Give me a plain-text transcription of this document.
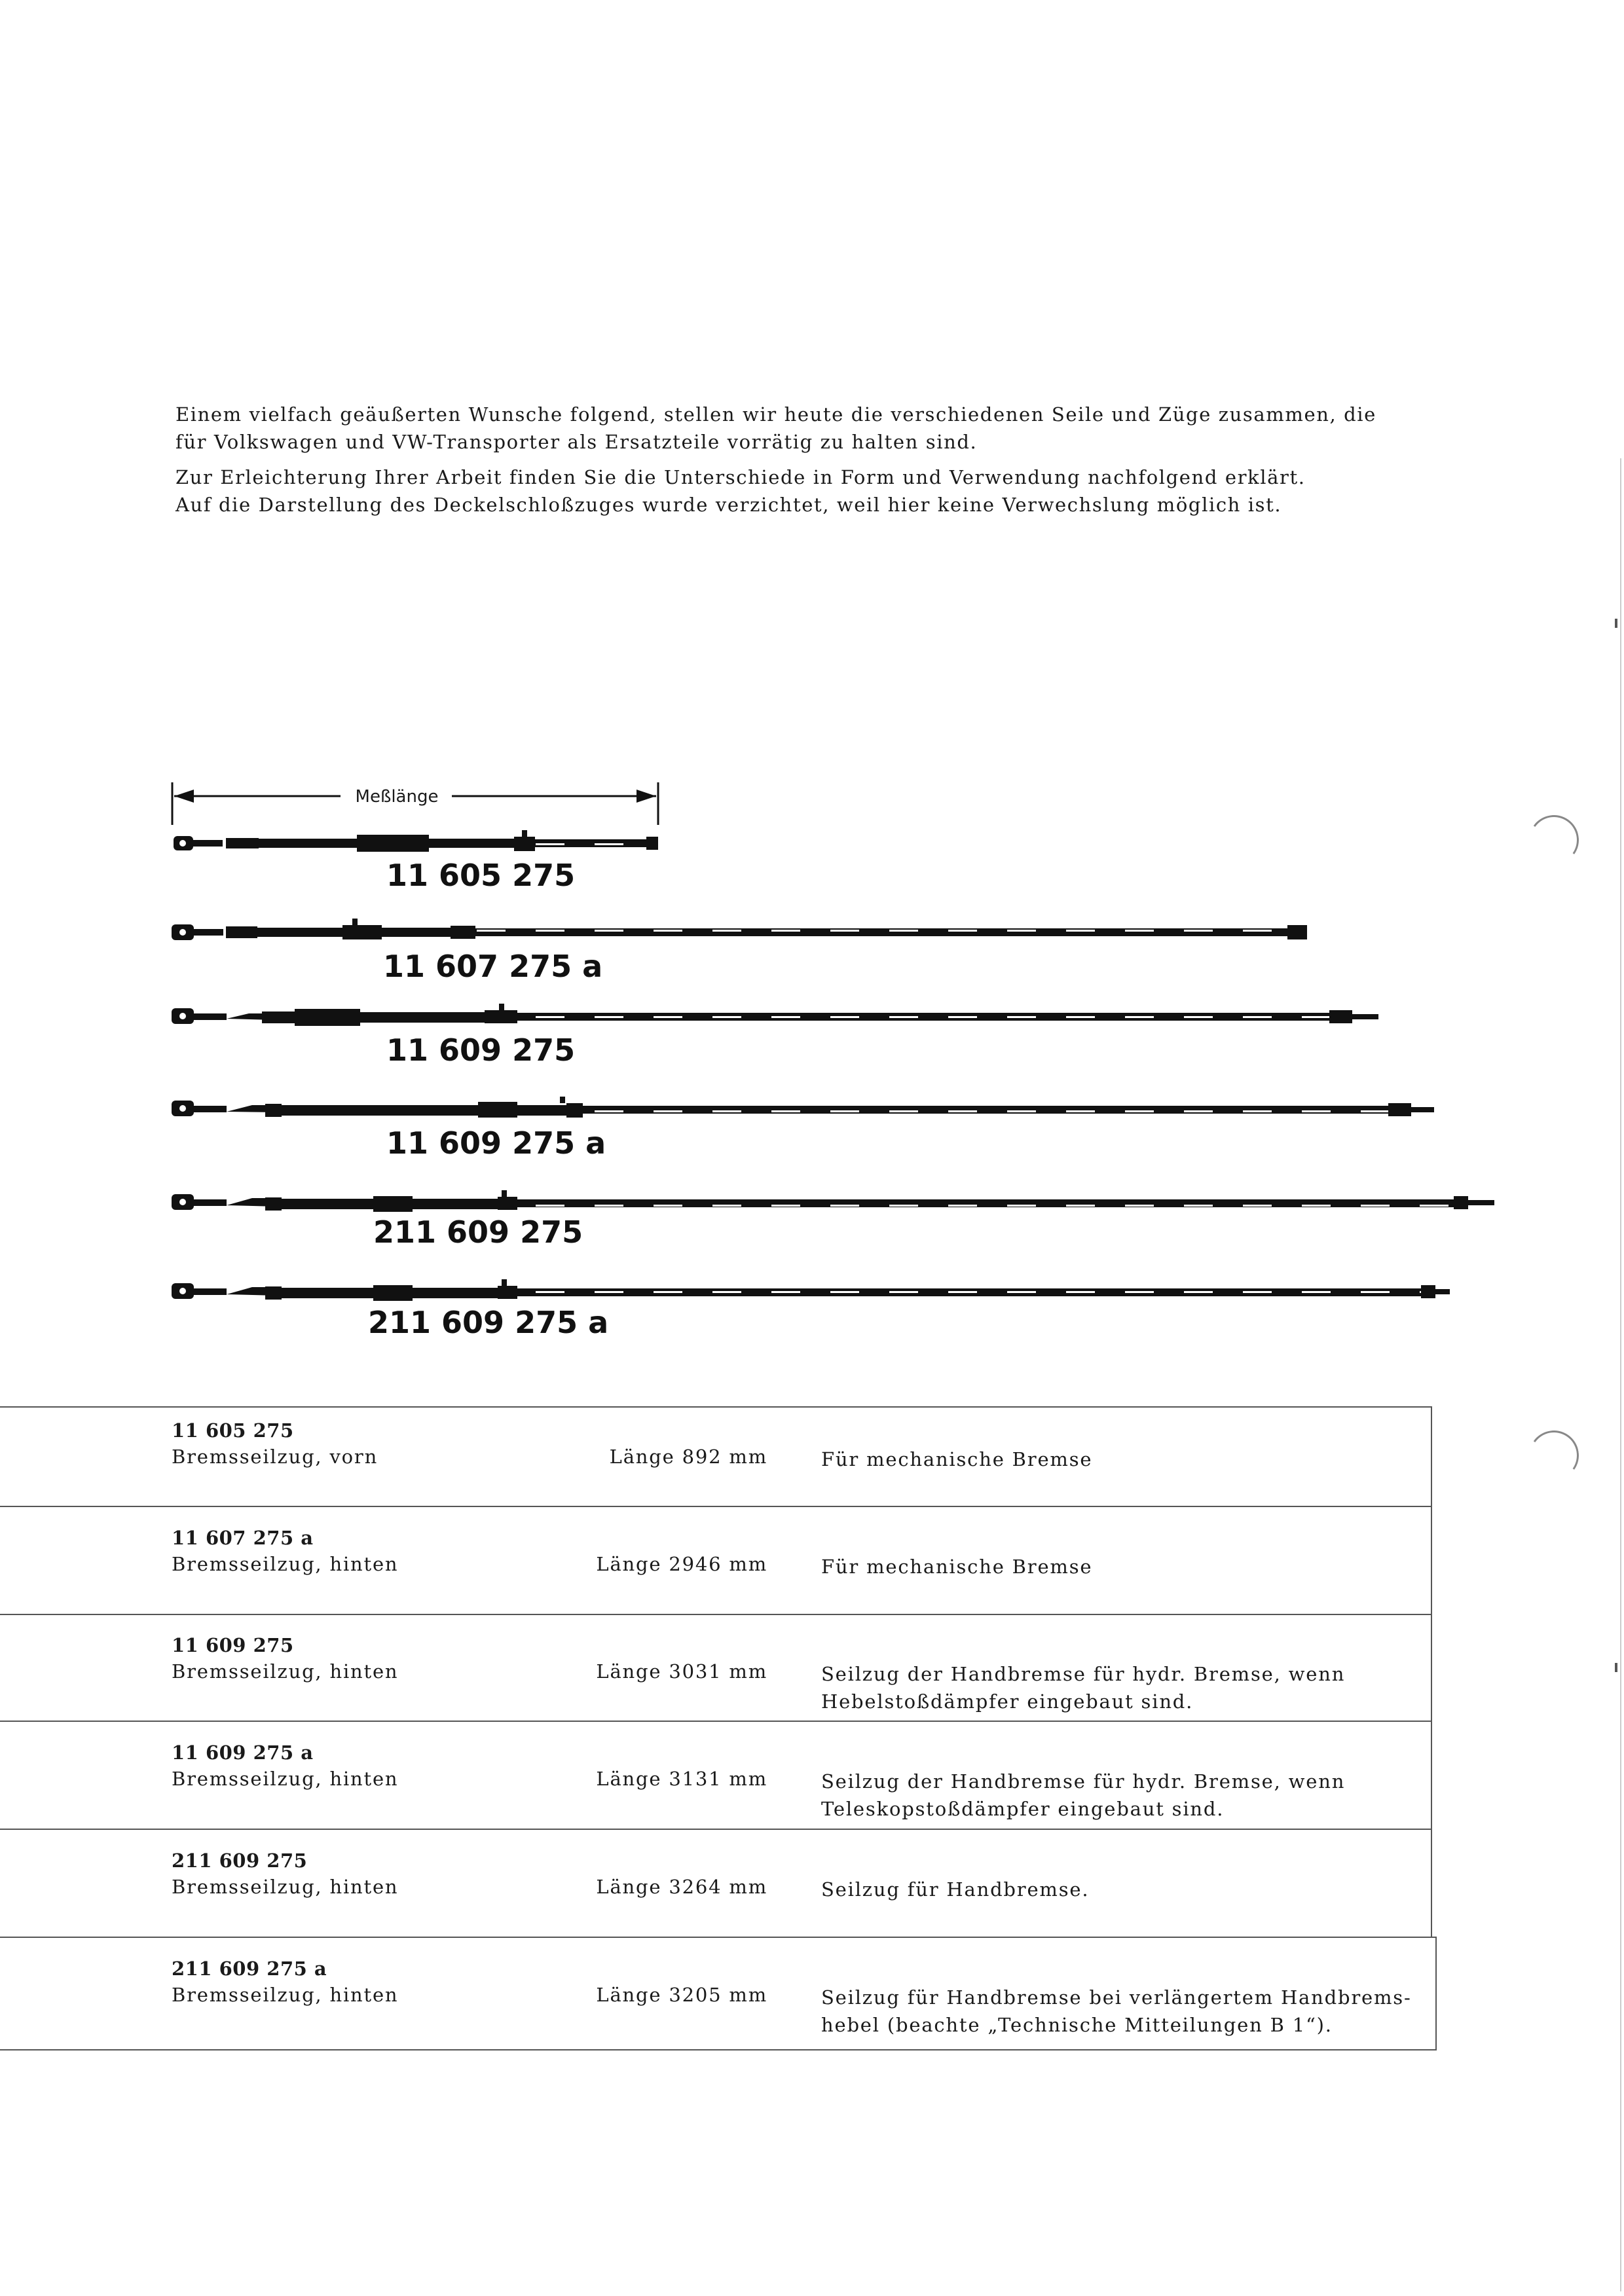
Einem vielfach geäußerten Wunsche folgend, stellen wir heute die verschiedenen Seile und Züge zusammen, die

für Volkswagen und VW-Transporter als Ersatzteile vorrätig zu halten sind.

Zur Erleichterung Ihrer Arbeit finden Sie die Unterschiede in Form und Verwendung nachfolgend erklärt.

Auf die Darstellung des Deckelschloßzuges wurde verzichtet, weil hier keine Verwechslung möglich ist.

Meßlänge
11 605 275
11 607 275 a
11 609 275
11 609 275 a
211 609 275
211 609 275 a
11 605 275
Bremsseilzug, vorn	Länge 892 mm	Für mechanische Bremse
11 607 275 a
Bremsseilzug, hinten	Länge 2946 mm	Für mechanische Bremse
11 609 275
Bremsseilzug, hinten	Länge 3031 mm	Seilzug der Handbremse für hydr. Bremse, wenn
Hebelstoßdämpfer eingebaut sind.
11 609 275 a
Bremsseilzug, hinten	Länge 3131 mm	Seilzug der Handbremse für hydr. Bremse, wenn
Teleskopstoßdämpfer eingebaut sind.
211 609 275
Bremsseilzug, hinten	Länge 3264 mm	Seilzug für Handbremse.
211 609 275 a
Bremsseilzug, hinten	Länge 3205 mm	Seilzug für Handbremse bei verlängertem Handbrems-
hebel (beachte „Technische Mitteilungen B 1“).
